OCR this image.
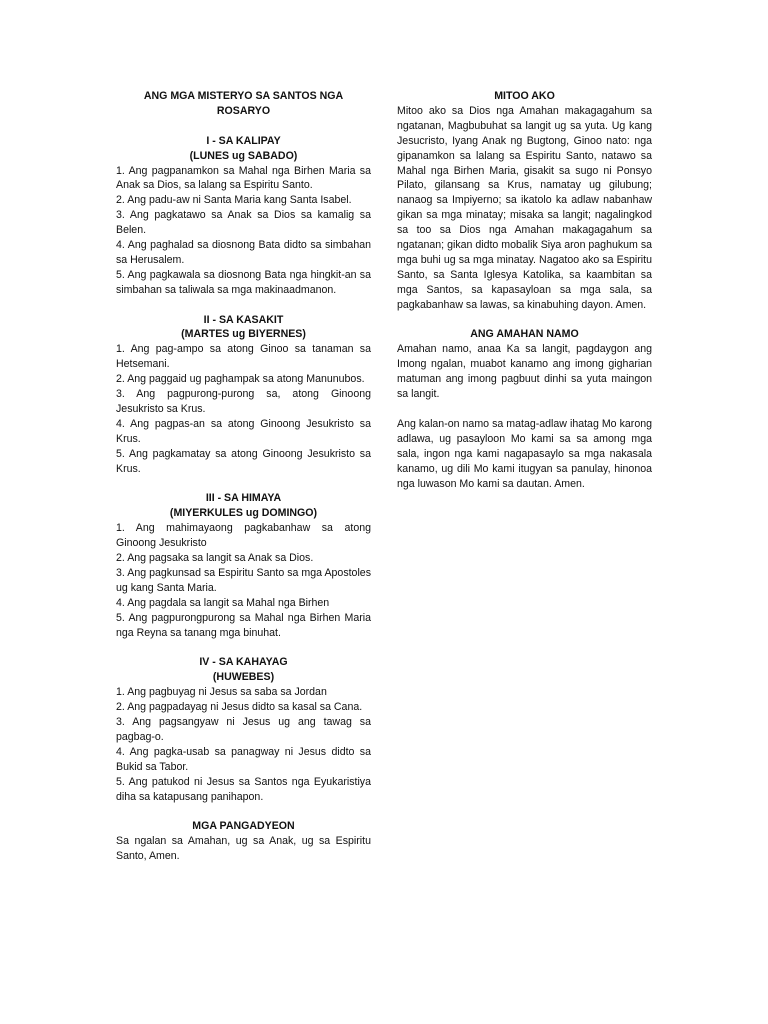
ANG MGA MISTERYO SA SANTOS NGA

ROSARYO

I - SA KALIPAY

(LUNES ug SABADO)

1. Ang pagpanamkon sa Mahal nga Birhen Maria sa Anak sa Dios, sa lalang sa Espiritu Santo.

2. Ang padu-aw ni Santa Maria kang Santa Isabel.

3. Ang pagkatawo sa Anak sa Dios sa kamalig sa Belen.

4. Ang paghalad sa diosnong Bata didto sa simbahan sa Herusalem.

5. Ang pagkawala sa diosnong Bata nga hingkit-an sa simbahan sa taliwala sa mga makinaadmanon.

II - SA KASAKIT

(MARTES ug BIYERNES)

1. Ang pag-ampo sa atong Ginoo sa tanaman sa Hetsemani.

2. Ang paggaid ug paghampak sa atong Manunubos.

3. Ang pagpurong-purong sa, atong Ginoong Jesukristo sa Krus.

4. Ang pagpas-an sa atong Ginoong Jesukristo sa Krus.

5. Ang pagkamatay sa atong Ginoong Jesukristo sa Krus.

III - SA HIMAYA

(MIYERKULES ug DOMINGO)

1. Ang mahimayaong pagkabanhaw sa atong Ginoong Jesukristo

2. Ang pagsaka sa langit sa Anak sa Dios.

3. Ang pagkunsad sa Espiritu Santo sa mga Apostoles ug kang Santa Maria.

4. Ang pagdala sa langit sa Mahal nga Birhen

5. Ang pagpurongpurong sa Mahal nga Birhen Maria nga Reyna sa tanang mga binuhat.

IV - SA KAHAYAG

(HUWEBES)

1. Ang pagbuyag ni Jesus sa saba sa Jordan

2. Ang pagpadayag ni Jesus didto sa kasal sa Cana.

3. Ang pagsangyaw ni Jesus ug ang tawag sa pagbag-o.

4. Ang pagka-usab sa panagway ni Jesus didto sa Bukid sa Tabor.

5. Ang patukod ni Jesus sa Santos nga Eyukaristiya diha sa katapusang panihapon.

MGA PANGADYEON

Sa ngalan sa Amahan, ug sa Anak, ug sa Espiritu Santo, Amen.

MITOO AKO

Mitoo ako sa Dios nga Amahan makagagahum sa ngatanan, Magbubuhat sa langit ug sa yuta. Ug kang Jesucristo, Iyang Anak ng Bugtong, Ginoo nato: nga gipanamkon sa lalang sa Espiritu Santo, natawo sa Mahal nga Birhen Maria, gisakit sa sugo ni Ponsyo Pilato, gilansang sa Krus, namatay ug gilubung; nanaog sa Impiyerno; sa ikatolo ka adlaw nabanhaw gikan sa mga minatay; misaka sa langit; nagalingkod sa too sa Dios nga Amahan makagagahum sa ngatanan; gikan didto mobalik Siya aron paghukum sa mga buhi ug sa mga minatay. Nagatoo ako sa Espiritu Santo, sa Santa Iglesya Katolika, sa kaambitan sa mga Santos, sa kapasayloan sa mga sala, sa pagkabanhaw sa lawas, sa kinabuhing dayon. Amen.

ANG AMAHAN NAMO

Amahan namo, anaa Ka sa langit, pagdaygon ang Imong ngalan, muabot kanamo ang imong gigharian matuman ang imong pagbuut dinhi sa yuta maingon sa langit.

Ang kalan-on namo sa matag-adlaw ihatag Mo karong adlawa, ug pasayloon Mo kami sa sa among mga sala, ingon nga kami nagapasaylo sa mga nakasala kanamo, ug dili Mo kami itugyan sa panulay, hinonoa nga luwason Mo kami sa dautan. Amen.
